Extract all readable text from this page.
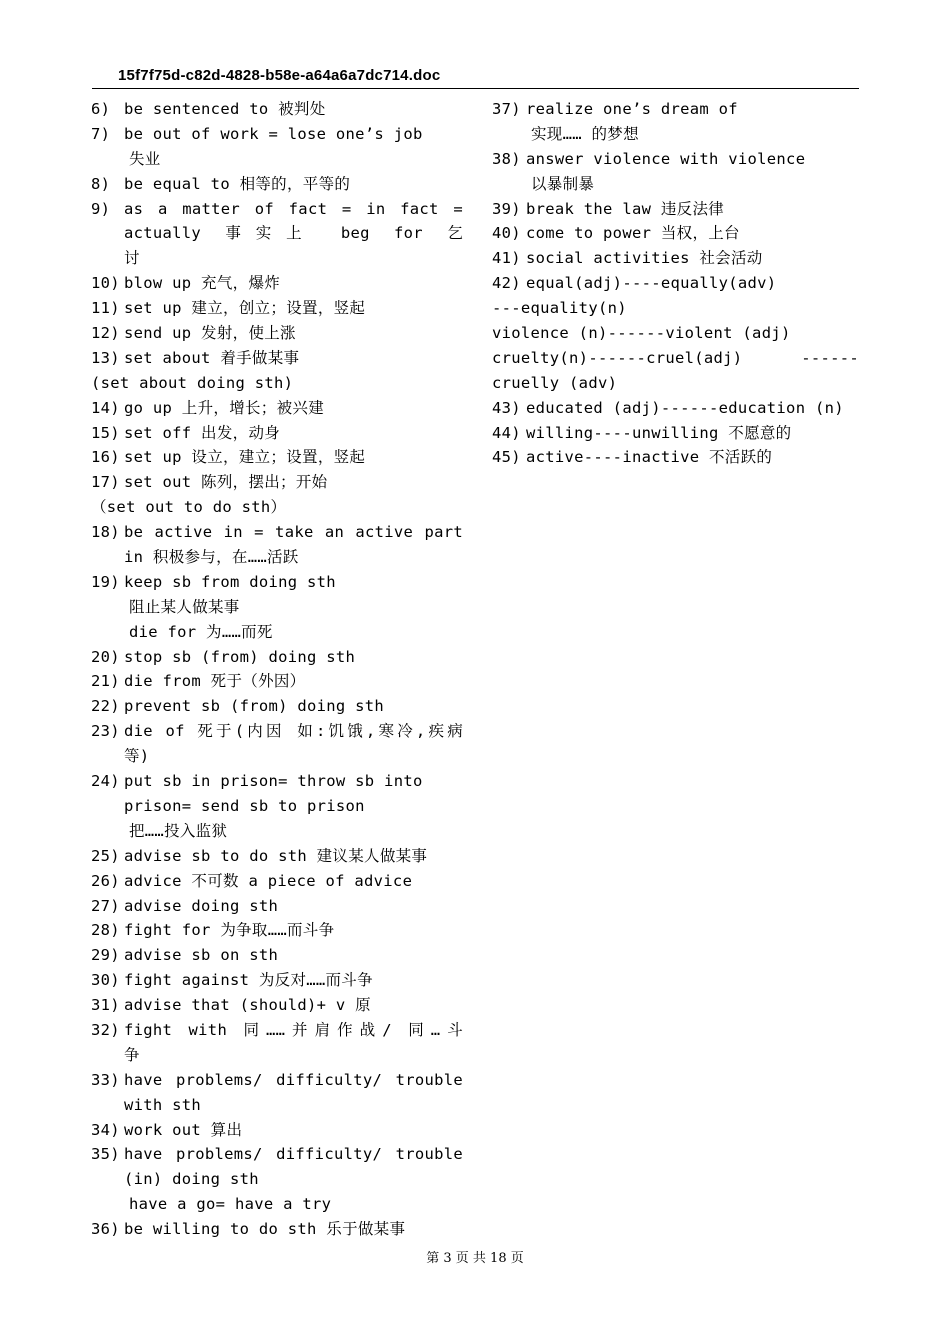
15f7f75d-c82d-4828-b58e-a64a6a7dc714.doc
6) be sentenced to 被判处
7) be out of work = lose one’s job
失业
8) be equal to 相等的，平等的
9) as a matter of fact = in fact =
actually 事实上 beg for 乞
讨
10) blow up 充气，爆炸
11) set up 建立，创立；设置，竖起
12) send up 发射，使上涨
13) set about 着手做某事
(set about doing sth)
14) go up 上升，增长；被兴建
15) set off 出发，动身
16) set up 设立，建立；设置，竖起
17) set out 陈列，摆出；开始
（set out to do sth）
18) be active in = take an active part
in 积极参与，在……活跃
19) keep sb from doing sth
阻止某人做某事
die for 为……而死
20) stop sb (from) doing sth
21) die from 死于（外因）
22) prevent sb (from) doing sth
23) die of 死于(内因 如:饥饿,寒冷,疾病
等)
24) put sb in prison= throw sb into
prison= send sb to prison
把……投入监狱
25) advise sb to do sth 建议某人做某事
26) advice 不可数 a piece of advice
27) advise doing sth
28) fight for 为争取……而斗争
29) advise sb on sth
30) fight against 为反对……而斗争
31) advise that (should)+ v 原
32) fight with 同……并肩作战/ 同…斗
争
33) have problems/ difficulty/ trouble
with sth
34) work out 算出
35) have problems/ difficulty/ trouble
(in) doing sth
have a go= have a try
36) be willing to do sth 乐于做某事
37) realize one’s dream of
实现…… 的梦想
38) answer violence with violence
以暴制暴
39) break the law 违反法律
40) come to power 当权，上台
41) social activities 社会活动
42) equal(adj)----equally(adv)
---equality(n)
violence (n)------violent (adj)
cruelty(n)------cruel(adj) ------
cruelly (adv)
43) educated (adj)------education (n)
44) willing----unwilling 不愿意的
45) active----inactive 不活跃的
第 3 页 共 18 页
